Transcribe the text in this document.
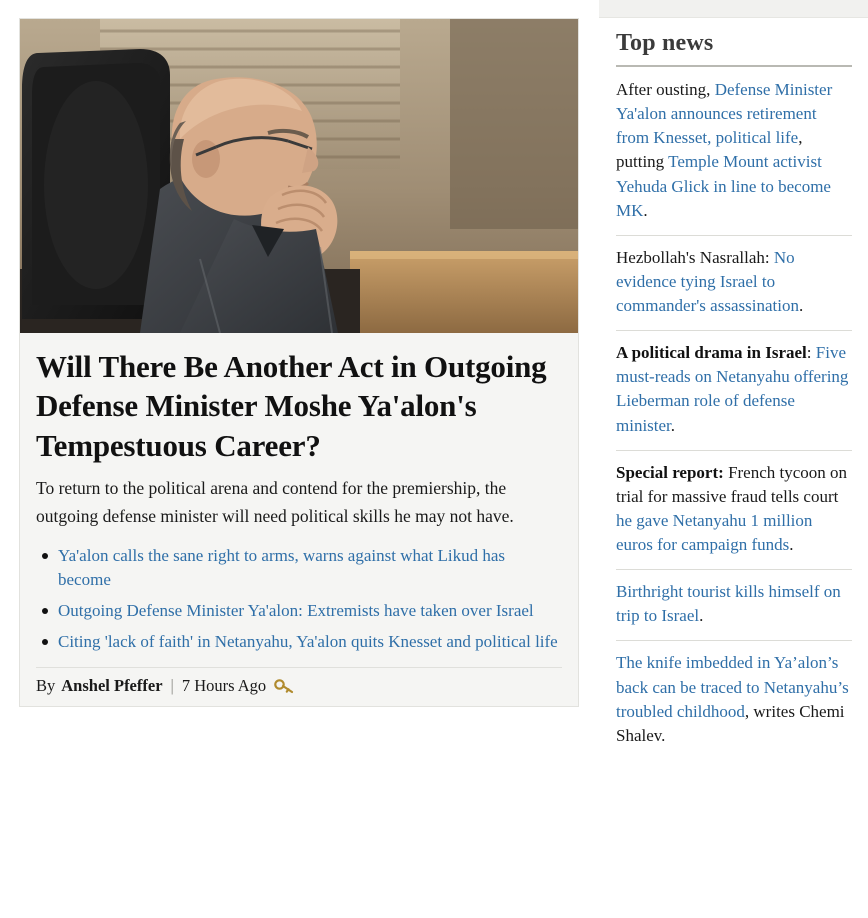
Will There Be Another Act in Outgoing Defense Minister Moshe Ya'alon's Tempestuous Career?

To return to the political arena and contend for the premiership, the outgoing defense minister will need political skills he may not have.

Ya'alon calls the sane right to arms, warns against what Likud has become
Outgoing Defense Minister Ya'alon: Extremists have taken over Israel
Citing 'lack of faith' in Netanyahu, Ya'alon quits Knesset and political life
By Anshel Pfeffer | 7 Hours Ago
Top news
After ousting, Defense Minister Ya'alon announces retirement from Knesset, political life, putting Temple Mount activist Yehuda Glick in line to become MK.
Hezbollah's Nasrallah: No evidence tying Israel to commander's assassination.
A political drama in Israel: Five must-reads on Netanyahu offering Lieberman role of defense minister.
Special report: French tycoon on trial for massive fraud tells court he gave Netanyahu 1 million euros for campaign funds.
Birthright tourist kills himself on trip to Israel.
The knife imbedded in Ya’alon’s back can be traced to Netanyahu’s troubled childhood, writes Chemi Shalev.
